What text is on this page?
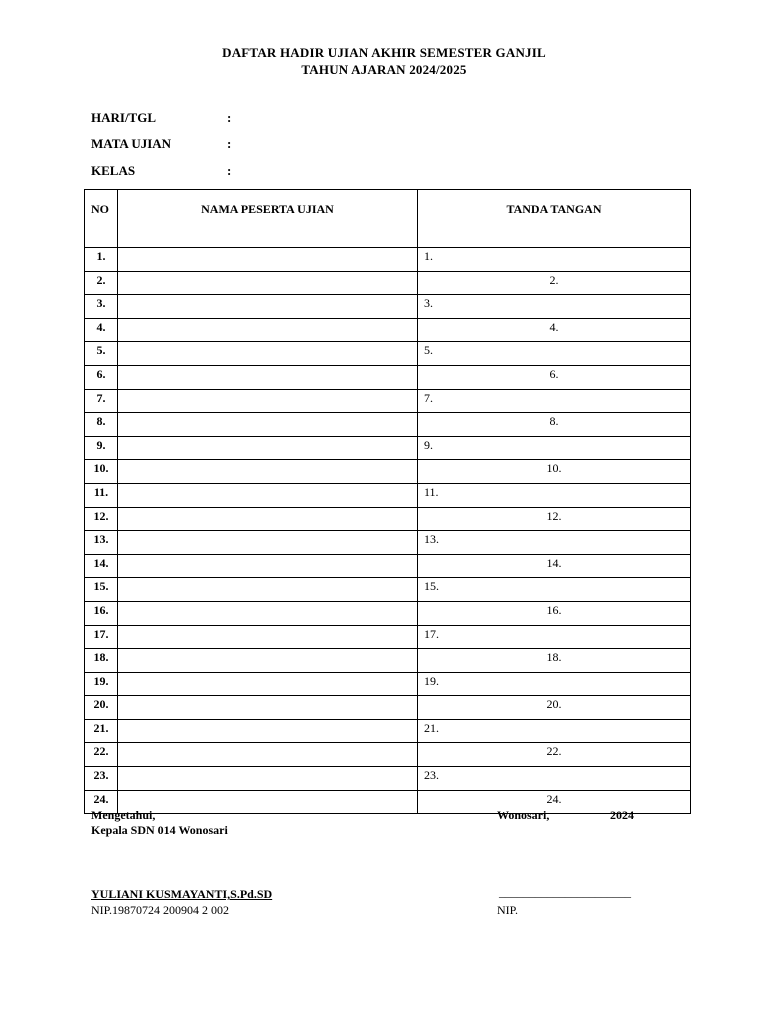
DAFTAR HADIR UJIAN AKHIR SEMESTER GANJIL
TAHUN AJARAN 2024/2025
HARI/TGL	:
MATA UJIAN	:
KELAS	:
NO	NAMA PESERTA UJIAN	TANDA TANGAN
1.		1.
2.		2.
3.		3.
4.		4.
5.		5.
6.		6.
7.		7.
8.		8.
9.		9.
10.		10.
11.		11.
12.		12.
13.		13.
14.		14.
15.		15.
16.		16.
17.		17.
18.		18.
19.		19.
20.		20.
21.		21.
22.		22.
23.		23.
24.		24.
Mengetahui,
Kepala SDN 014 Wonosari
YULIANI KUSMAYANTI,S.Pd.SD
NIP.19870724 200904 2 002
Wonosari,	2024
______________________
NIP.
